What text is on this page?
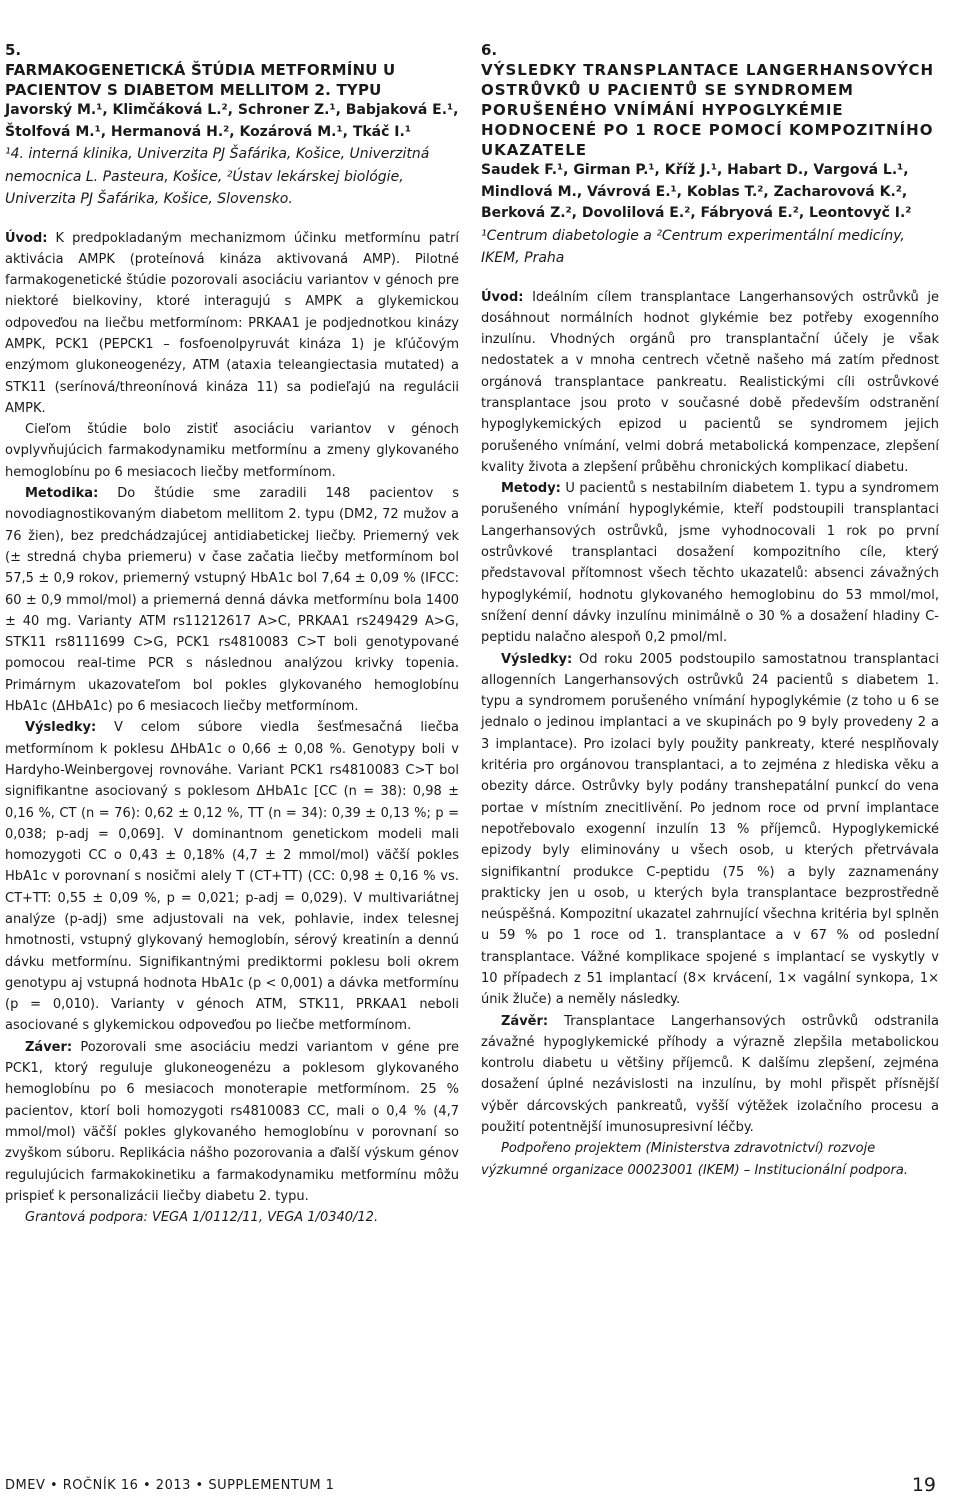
5.

FARMAKOGENETICKÁ ŠTÚDIA METFORMÍNU U PACIENTOV S DIABETOM MELLITOM 2. TYPU

Javorský M.¹, Klimčáková L.², Schroner Z.¹, Babjaková E.¹, Štolfová M.¹, Hermanová H.², Kozárová M.¹, Tkáč I.¹

¹4. interná klinika, Univerzita PJ Šafárika, Košice, Univerzitná nemocnica L. Pasteura, Košice, ²Ústav lekárskej biológie, Univerzita PJ Šafárika, Košice, Slovensko.

Úvod: K predpokladaným mechanizmom účinku metformínu patrí aktivácia AMPK (proteínová kináza aktivovaná AMP). Pilotné farmakogenetické štúdie pozorovali asociáciu variantov v génoch pre niektoré bielkoviny, ktoré interagujú s AMPK a glykemickou odpoveďou na liečbu metformínom: PRKAA1 je podjednotkou kinázy AMPK, PCK1 (PEPCK1 – fosfoenolpyruvát kináza 1) je kľúčovým enzýmom glukoneogenézy, ATM (ataxia teleangiectasia mutated) a STK11 (serínová/threonínová kináza 11) sa podieľajú na regulácii AMPK.

Cieľom štúdie bolo zistiť asociáciu variantov v génoch ovplyvňujúcich farmakodynamiku metformínu a zmeny glykovaného hemoglobínu po 6 mesiacoch liečby metformínom.

Metodika: Do štúdie sme zaradili 148 pacientov s novodiagnostikovaným diabetom mellitom 2. typu (DM2, 72 mužov a 76 žien), bez predchádzajúcej antidiabetickej liečby. Priemerný vek (± stredná chyba priemeru) v čase začatia liečby metformínom bol 57,5 ± 0,9 rokov, priemerný vstupný HbA1c bol 7,64 ± 0,09 % (IFCC: 60 ± 0,9 mmol/mol) a priemerná denná dávka metformínu bola 1400 ± 40 mg. Varianty ATM rs11212617 A>C, PRKAA1 rs249429 A>G, STK11 rs8111699 C>G, PCK1 rs4810083 C>T boli genotypované pomocou real-time PCR s následnou analýzou krivky topenia. Primárnym ukazovateľom bol pokles glykovaného hemoglobínu HbA1c (ΔHbA1c) po 6 mesiacoch liečby metformínom.

Výsledky: V celom súbore viedla šesťmesačná liečba metformínom k poklesu ΔHbA1c o 0,66 ± 0,08 %. Genotypy boli v Hardyho-Weinbergovej rovnováhe. Variant PCK1 rs4810083 C>T bol signifikantne asociovaný s poklesom ΔHbA1c [CC (n = 38): 0,98 ± 0,16 %, CT (n = 76): 0,62 ± 0,12 %, TT (n = 34): 0,39 ± 0,13 %; p = 0,038; p-adj = 0,069]. V dominantnom genetickom modeli mali homozygoti CC o 0,43 ± 0,18% (4,7 ± 2 mmol/mol) väčší pokles HbA1c v porovnaní s nosičmi alely T (CT+TT) (CC: 0,98 ± 0,16 % vs. CT+TT: 0,55 ± 0,09 %, p = 0,021; p-adj = 0,029). V multivariátnej analýze (p-adj) sme adjustovali na vek, pohlavie, index telesnej hmotnosti, vstupný glykovaný hemoglobín, sérový kreatinín a dennú dávku metformínu. Signifikantnými prediktormi poklesu boli okrem genotypu aj vstupná hodnota HbA1c (p < 0,001) a dávka metformínu (p = 0,010). Varianty v génoch ATM, STK11, PRKAA1 neboli asociované s glykemickou odpoveďou po liečbe metformínom.

Záver: Pozorovali sme asociáciu medzi variantom v géne pre PCK1, ktorý reguluje glukoneogenézu a poklesom glykovaného hemoglobínu po 6 mesiacoch monoterapie metformínom. 25 % pacientov, ktorí boli homozygoti rs4810083 CC, mali o 0,4 % (4,7 mmol/mol) väčší pokles glykovaného hemoglobínu v porovnaní so zvyškom súboru. Replikácia nášho pozorovania a ďalší výskum génov regulujúcich farmakokinetiku a farmakodynamiku metformínu môžu prispieť k personalizácii liečby diabetu 2. typu.

Grantová podpora: VEGA 1/0112/11, VEGA 1/0340/12.

6.

VÝSLEDKY TRANSPLANTACE LANGERHANSOVÝCH OSTRŮVKŮ U PACIENTŮ SE SYNDROMEM PORUŠENÉHO VNÍMÁNÍ HYPOGLYKÉMIE HODNOCENÉ PO 1 ROCE POMOCÍ KOMPOZITNÍHO UKAZATELE

Saudek F.¹, Girman P.¹, Kříž J.¹, Habart D., Vargová L.¹, Mindlová M., Vávrová E.¹, Koblas T.², Zacharovová K.², Berková Z.², Dovolilová E.², Fábryová E.², Leontovyč I.²

¹Centrum diabetologie a ²Centrum experimentální medicíny, IKEM, Praha

Úvod: Ideálním cílem transplantace Langerhansových ostrůvků je dosáhnout normálních hodnot glykémie bez potřeby exogenního inzulínu. Vhodných orgánů pro transplantační účely je však nedostatek a v mnoha centrech včetně našeho má zatím přednost orgánová transplantace pankreatu. Realistickými cíli ostrůvkové transplantace jsou proto v současné době především odstranění hypoglykemických epizod u pacientů se syndromem jejich porušeného vnímání, velmi dobrá metabolická kompenzace, zlepšení kvality života a zlepšení průběhu chronických komplikací diabetu.

Metody: U pacientů s nestabilním diabetem 1. typu a syndromem porušeného vnímání hypoglykémie, kteří podstoupili transplantaci Langerhansových ostrůvků, jsme vyhodnocovali 1 rok po první ostrůvkové transplantaci dosažení kompozitního cíle, který představoval přítomnost všech těchto ukazatelů: absenci závažných hypoglykémií, hodnotu glykovaného hemoglobinu do 53 mmol/mol, snížení denní dávky inzulínu minimálně o 30 % a dosažení hladiny C-peptidu nalačno alespoň 0,2 pmol/ml.

Výsledky: Od roku 2005 podstoupilo samostatnou transplantaci allogenních Langerhansových ostrůvků 24 pacientů s diabetem 1. typu a syndromem porušeného vnímání hypoglykémie (z toho u 6 se jednalo o jedinou implantaci a ve skupinách po 9 byly provedeny 2 a 3 implantace). Pro izolaci byly použity pankreaty, které nesplňovaly kritéria pro orgánovou transplantaci, a to zejména z hlediska věku a obezity dárce. Ostrůvky byly podány transhepatální punkcí do vena portae v místním znecitlivění. Po jednom roce od první implantace nepotřebovalo exogenní inzulín 13 % příjemců. Hypoglykemické epizody byly eliminovány u všech osob, u kterých přetrvávala signifikantní produkce C-peptidu (75 %) a byly zaznamenány prakticky jen u osob, u kterých byla transplantace bezprostředně neúspěšná. Kompozitní ukazatel zahrnující všechna kritéria byl splněn u 59 % po 1 roce od 1. transplantace a v 67 % od poslední transplantace. Vážné komplikace spojené s implantací se vyskytly v 10 případech z 51 implantací (8× krvácení, 1× vagální synkopa, 1× únik žluče) a neměly následky.

Závěr: Transplantace Langerhansových ostrůvků odstranila závažné hypoglykemické příhody a výrazně zlepšila metabolickou kontrolu diabetu u většiny příjemců. K dalšímu zlepšení, zejména dosažení úplné nezávislosti na inzulínu, by mohl přispět přísnější výběr dárcovských pankreatů, vyšší výtěžek izolačního procesu a použití potentnější imunosupresivní léčby.

Podpořeno projektem (Ministerstva zdravotnictví) rozvoje výzkumné organizace 00023001 (IKEM) – Institucionální podpora.

DMEV • ROČNÍK 16 • 2013 • SUPPLEMENTUM 1	19
